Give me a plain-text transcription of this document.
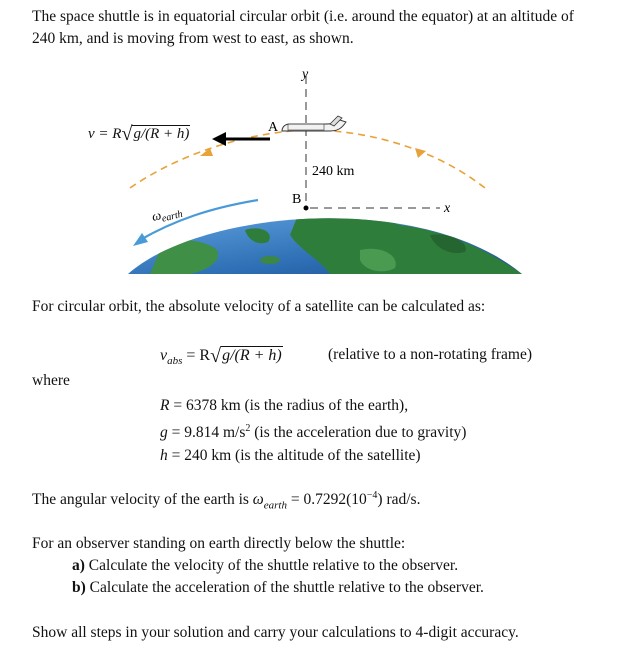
The space shuttle is in equatorial circular orbit (i.e. around the equator) at an altitude of 240 km, and is moving from west to east, as shown.

y
x
A
240 km
B
$\omega_{earth}$
v = R√g/(R + h)

For circular orbit, the absolute velocity of a satellite can be calculated as:

$v_{abs} = R√g/(R + h)$	(relative to a non-rotating frame)

where

R = 6378 km (is the radius of the earth),
g = 9.814 $m/s^2$ (is the acceleration due to gravity)
h = 240 km (is the altitude of the satellite)

The angular velocity of the earth is $\omega_{earth} = 0.7292(10^{-4})$ rad/s.

For an observer standing on earth directly below the shuttle:

a) Calculate the velocity of the shuttle relative to the observer.
b) Calculate the acceleration of the shuttle relative to the observer.

Show all steps in your solution and carry your calculations to 4-digit accuracy.
